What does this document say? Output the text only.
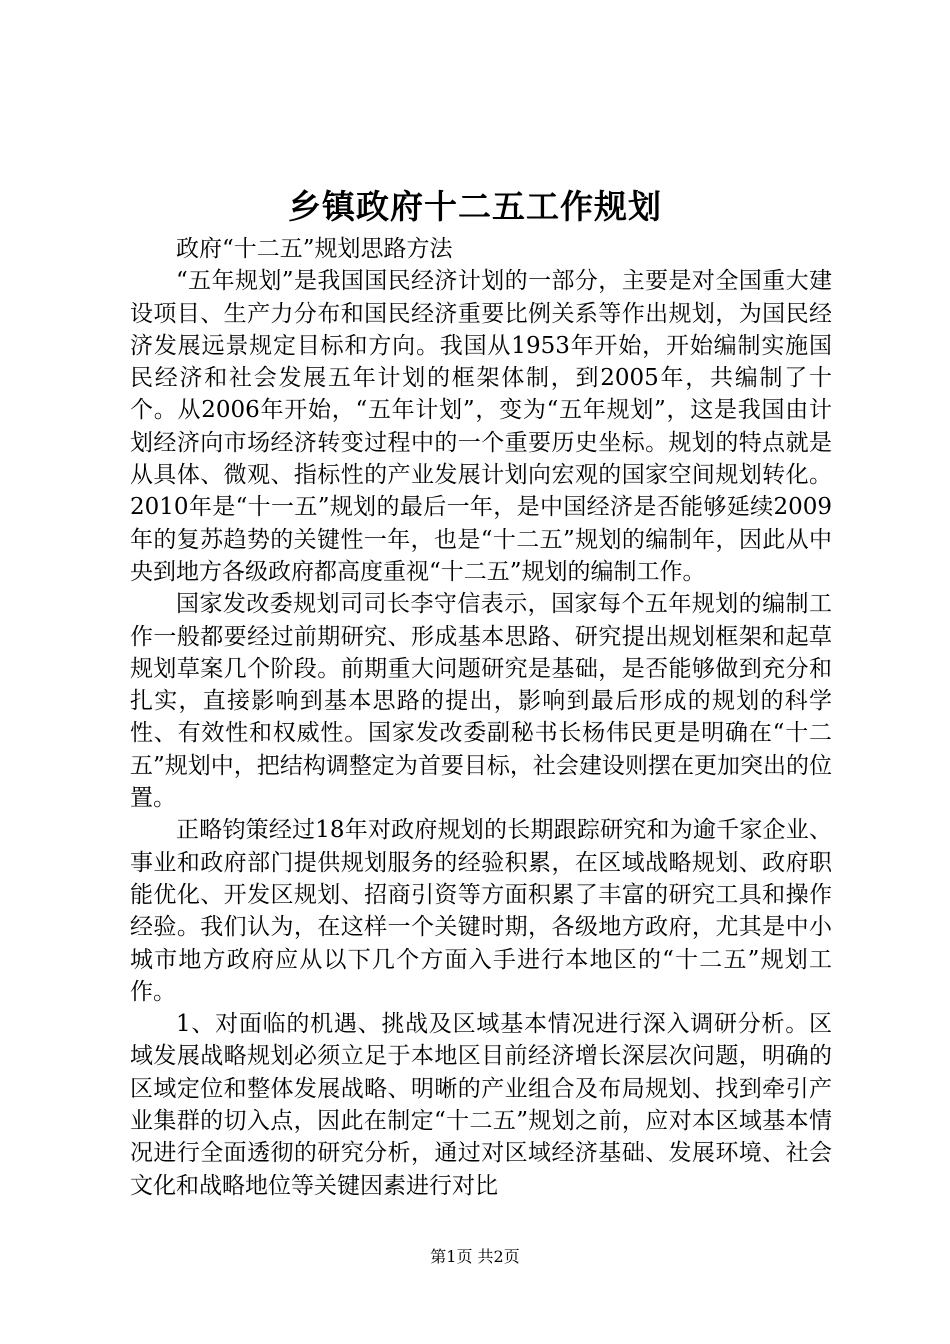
乡镇政府十二五工作规划

政府“十二五”规划思路方法

“五年规划”是我国国民经济计划的一部分，主要是对全国重大建设项目、生产力分布和国民经济重要比例关系等作出规划，为国民经济发展远景规定目标和方向。我国从1953年开始，开始编制实施国民经济和社会发展五年计划的框架体制，到2005年，共编制了十个。从2006年开始，“五年计划”，变为“五年规划”，这是我国由计划经济向市场经济转变过程中的一个重要历史坐标。规划的特点就是从具体、微观、指标性的产业发展计划向宏观的国家空间规划转化。2010年是“十一五”规划的最后一年，是中国经济是否能够延续2009年的复苏趋势的关键性一年，也是“十二五”规划的编制年，因此从中央到地方各级政府都高度重视“十二五”规划的编制工作。

国家发改委规划司司长李守信表示，国家每个五年规划的编制工作一般都要经过前期研究、形成基本思路、研究提出规划框架和起草规划草案几个阶段。前期重大问题研究是基础，是否能够做到充分和扎实，直接影响到基本思路的提出，影响到最后形成的规划的科学性、有效性和权威性。国家发改委副秘书长杨伟民更是明确在“十二五”规划中，把结构调整定为首要目标，社会建设则摆在更加突出的位置。

正略钧策经过18年对政府规划的长期跟踪研究和为逾千家企业、事业和政府部门提供规划服务的经验积累，在区域战略规划、政府职能优化、开发区规划、招商引资等方面积累了丰富的研究工具和操作经验。我们认为，在这样一个关键时期，各级地方政府，尤其是中小城市地方政府应从以下几个方面入手进行本地区的“十二五”规划工作。

1、对面临的机遇、挑战及区域基本情况进行深入调研分析。区域发展战略规划必须立足于本地区目前经济增长深层次问题，明确的区域定位和整体发展战略、明晰的产业组合及布局规划、找到牵引产业集群的切入点，因此在制定“十二五”规划之前，应对本区域基本情况进行全面透彻的研究分析，通过对区域经济基础、发展环境、社会文化和战略地位等关键因素进行对比

第1页 共2页
